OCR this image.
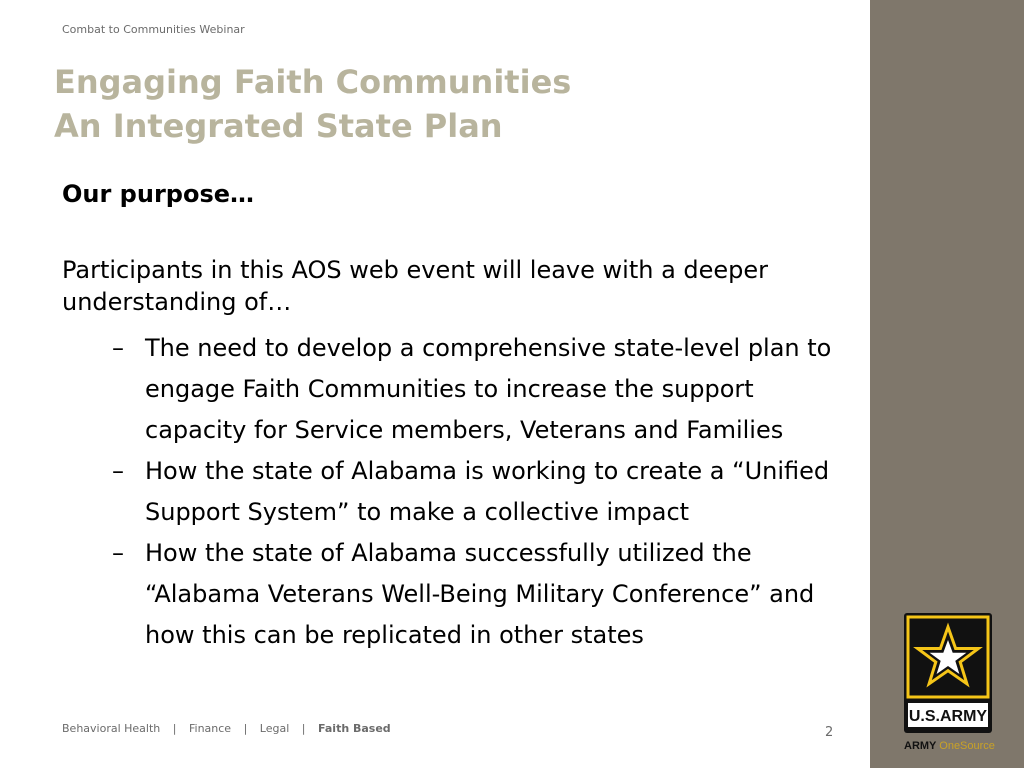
Combat to Communities Webinar
Engaging Faith Communities
An Integrated State Plan
Our purpose…
Participants in this AOS web event will leave with a deeper understanding of…
– The need to develop a comprehensive state-level plan to engage Faith Communities to increase the support capacity for Service members, Veterans and Families
– How the state of Alabama is working to create a “Unified Support System” to make a collective impact
– How the state of Alabama successfully utilized the “Alabama Veterans Well-Being Military Conference” and how this can be replicated in other states
Behavioral Health | Finance | Legal | Faith Based	2
U.S.ARMY
ARMY OneSource
